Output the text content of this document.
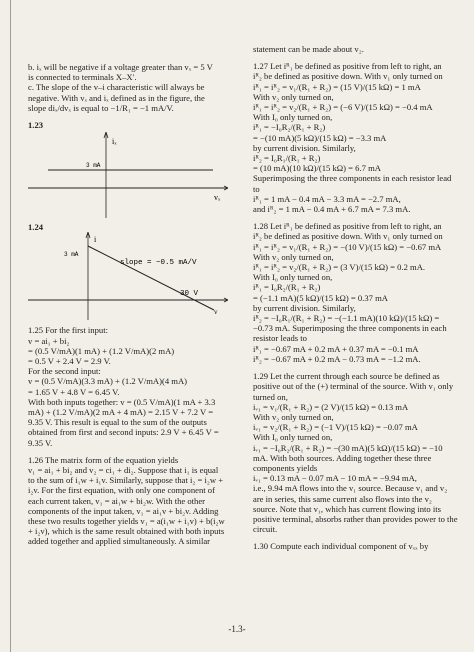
b. iₓ will be negative if a voltage greater than vₓ = 5 V
is connected to terminals X–X′.
c. The slope of the v–i characteristic will always be
negative. With vₓ and iₓ defined as in the figure, the
slope diₓ/dvₓ is equal to −1/R₁ = −1 mA/V.
1.23
iₓ
3 mA
vₓ
1.24
i
3 mA
slope = −0.5 mA/V
30 V
v
1.25 For the first input:
v = ai₁ + bi₂
= (0.5 V/mA)(1 mA) + (1.2 V/mA)(2 mA)
= 0.5 V + 2.4 V = 2.9 V.
For the second input:
v = (0.5 V/mA)(3.3 mA) + (1.2 V/mA)(4 mA)
= 1.65 V + 4.8 V = 6.45 V.
With both inputs together: v = (0.5 V/mA)(1 mA + 3.3
mA) + (1.2 V/mA)(2 mA + 4 mA) = 2.15 V + 7.2 V =
9.35 V. This result is equal to the sum of the outputs
obtained from first and second inputs: 2.9 V + 6.45 V =
9.35 V.
1.26 The matrix form of the equation yields
v₁ = ai₁ + bi₂ and v₂ = ci₁ + di₂. Suppose that i₁ is equal
to the sum of i₁w + i₁v. Similarly, suppose that i₂ = i₂w +
i₂v. For the first equation, with only one component of
each current taken, v₁ = ai₁w + bi₂w. With the other
components of the input taken, v₁ = ai₁v + bi₂v. Adding
these two results together yields v₁ = a(i₁w + i₁v) + b(i₂w
+ i₂v), which is the same result obtained with both inputs
added together and applied simultaneously. A similar
statement can be made about v₂.
1.27 Let iᴿ₁ be defined as positive from left to right, an
iᴿ₂ be defined as positive down. With v₁ only turned on
iᴿ₁ = iᴿ₂ = v₁/(R₁ + R₂) = (15 V)/(15 kΩ) = 1 mA
With v₂ only turned on,
iᴿ₁ = iᴿ₂ = v₂/(R₁ + R₂) = (−6 V)/(15 kΩ) = −0.4 mA
With I₀ only turned on,
iᴿ₁ = −I₀R₂/(R₁ + R₂)
= −(10 mA)(5 kΩ)/(15 kΩ) = −3.3 mA
by current division. Similarly,
iᴿ₂ = I₀R₁/(R₁ + R₂)
= (10 mA)(10 kΩ)/(15 kΩ) = 6.7 mA
Superimposing the three components in each resistor lead
to
iᴿ₁ = 1 mA − 0.4 mA − 3.3 mA = −2.7 mA,
and iᴿ₂ = 1 mA − 0.4 mA + 6.7 mA = 7.3 mA.
1.28 Let iᴿ₁ be defined as positive from left to right, an
iᴿ₂ be defined as positive down. With v₁ only turned on
iᴿ₁ = iᴿ₂ = v₁/(R₁ + R₂) = −(10 V)/(15 kΩ) = −0.67 mA
With v₂ only turned on,
iᴿ₁ = iᴿ₂ = v₂/(R₁ + R₂) = (3 V)/(15 kΩ) = 0.2 mA.
With I₀ only turned on,
iᴿ₁ = I₀R₂/(R₁ + R₂)
= (−1.1 mA)(5 kΩ)/(15 kΩ) = 0.37 mA
by current division. Similarly,
iᴿ₂ = −I₀R₁/(R₁ + R₂) = −(−1.1 mA)(10 kΩ)/(15 kΩ) =
−0.73 mA. Superimposing the three components in each
resistor leads to
iᴿ₁ = −0.67 mA + 0.2 mA + 0.37 mA = −0.1 mA
iᴿ₂ = −0.67 mA + 0.2 mA − 0.73 mA = −1.2 mA.
1.29 Let the current through each source be defined as
positive out of the (+) terminal of the source. With v₁ only
turned on,
iᵥ₁ = v₁/(R₁ + R₂) = (2 V)/(15 kΩ) = 0.13 mA
With v₂ only turned on,
iᵥ₁ = v₂/(R₁ + R₂) = (−1 V)/(15 kΩ) = −0.07 mA
With I₀ only turned on,
iᵥ₁ = −I₀R₂/(R₁ + R₂) = −(30 mA)(5 kΩ)/(15 kΩ) = −10
mA. With both sources. Adding together these three
components yields
iᵥ₁ = 0.13 mA − 0.07 mA − 10 mA = −9.94 mA,
i.e., 9.94 mA flows into the v₁ source. Because v₁ and v₂
are in series, this same current also flows into the v₂
source. Note that v₁, which has current flowing into its
positive terminal, absorbs rather than provides power to the
circuit.
1.30 Compute each individual component of vₓₓ by
-1.3-
